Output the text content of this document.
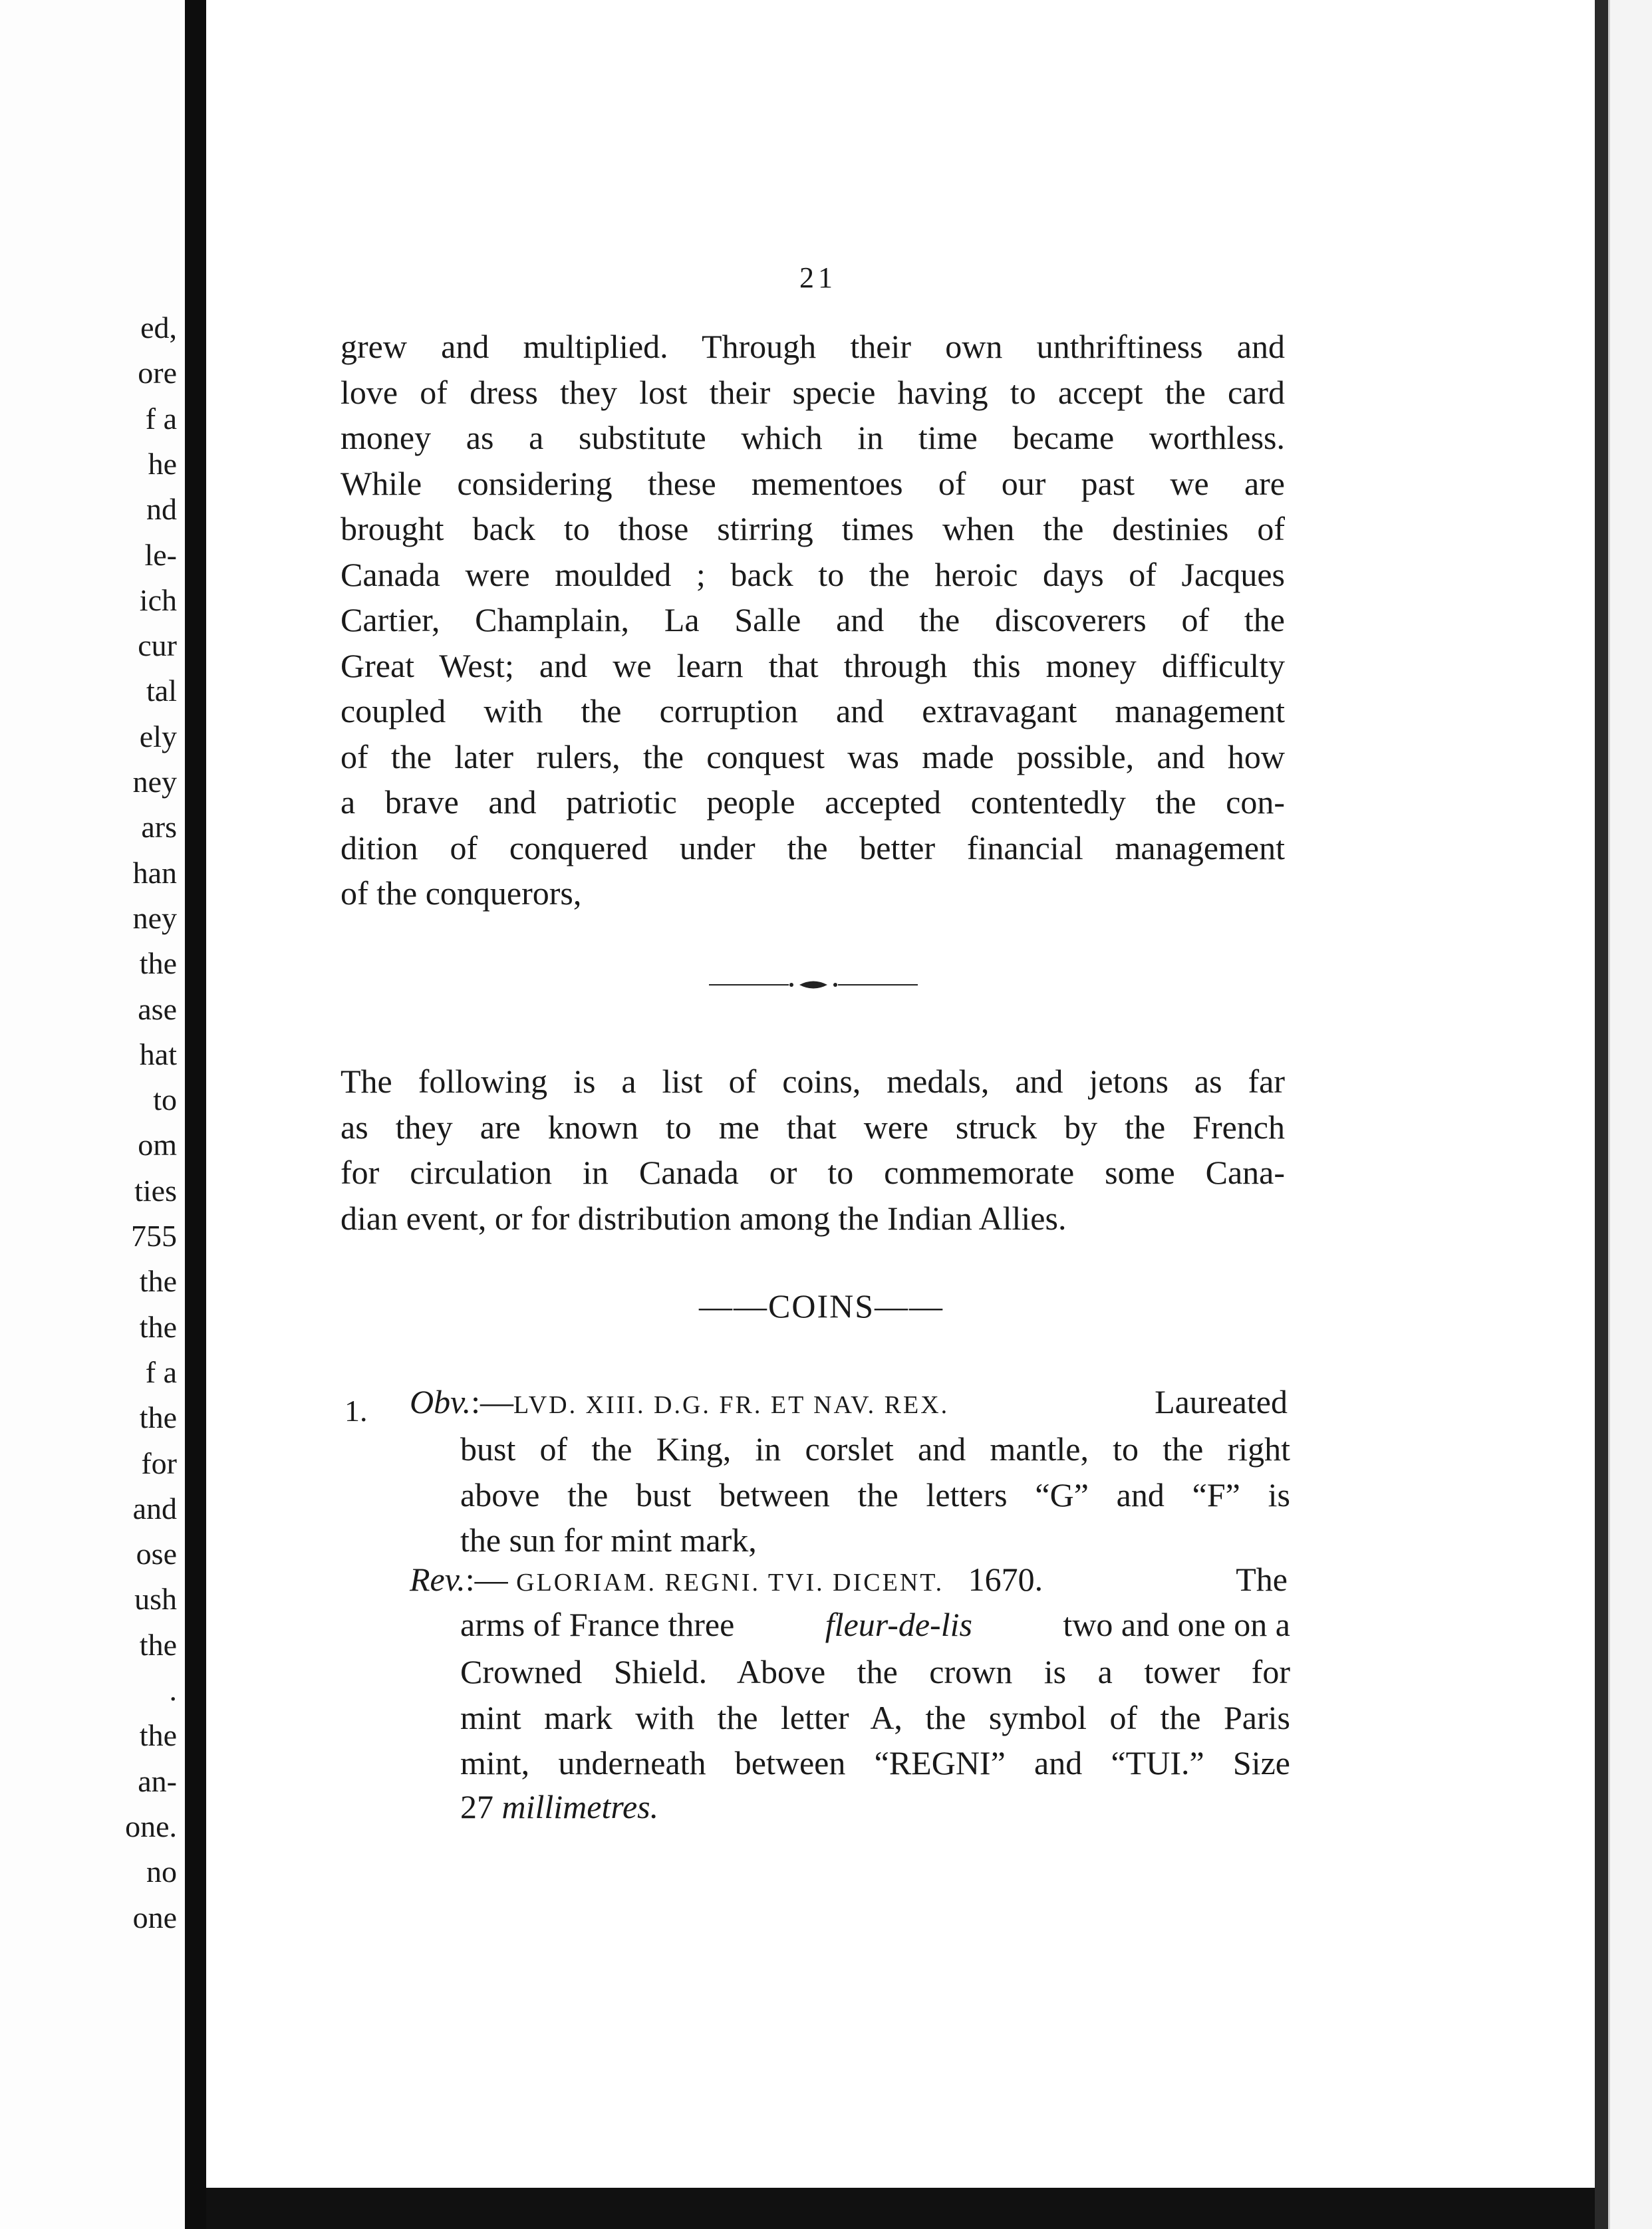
ed,
ore
f a
he
nd
le-
ich
cur
tal
ely
ney
ars
han
ney
the
ase
hat
to
om
ties
755
the
the
f a
the
for
and
ose
ush
the
.
the
an-
one.
no
one
21
grew and multiplied. Through their own unthriftiness and
love of dress they lost their specie having to accept the card
money as a substitute which in time became worthless.
While considering these mementoes of our past we are
brought back to those stirring times when the destinies of
Canada were moulded ; back to the heroic days of Jacques
Cartier, Champlain, La Salle and the discoverers of the
Great West; and we learn that through this money difficulty
coupled with the corruption and extravagant management
of the later rulers, the conquest was made possible, and how
a brave and patriotic people accepted contentedly the con-
dition of conquered under the better financial management
of the conquerors,
The following is a list of coins, medals, and jetons as far
as they are known to me that were struck by the French
for circulation in Canada or to commemorate some Cana-
dian event, or for distribution among the Indian Allies.
——COINS——
1. Obv.:—LVD. XIII. D.G. FR. ET NAV. REX.	Laureated
bust of the King, in corslet and mantle, to the right
above the bust between the letters “G” and “F” is
the sun for mint mark,
Rev.:— GLORIAM. REGNI. TVI. DICENT. 1670.	The
arms of France three	fleur-de-lis	two and one on a
Crowned Shield. Above the crown is a tower for
mint mark with the letter A, the symbol of the Paris
mint, underneath between “REGNI” and “TUI.” Size
27 millimetres.
